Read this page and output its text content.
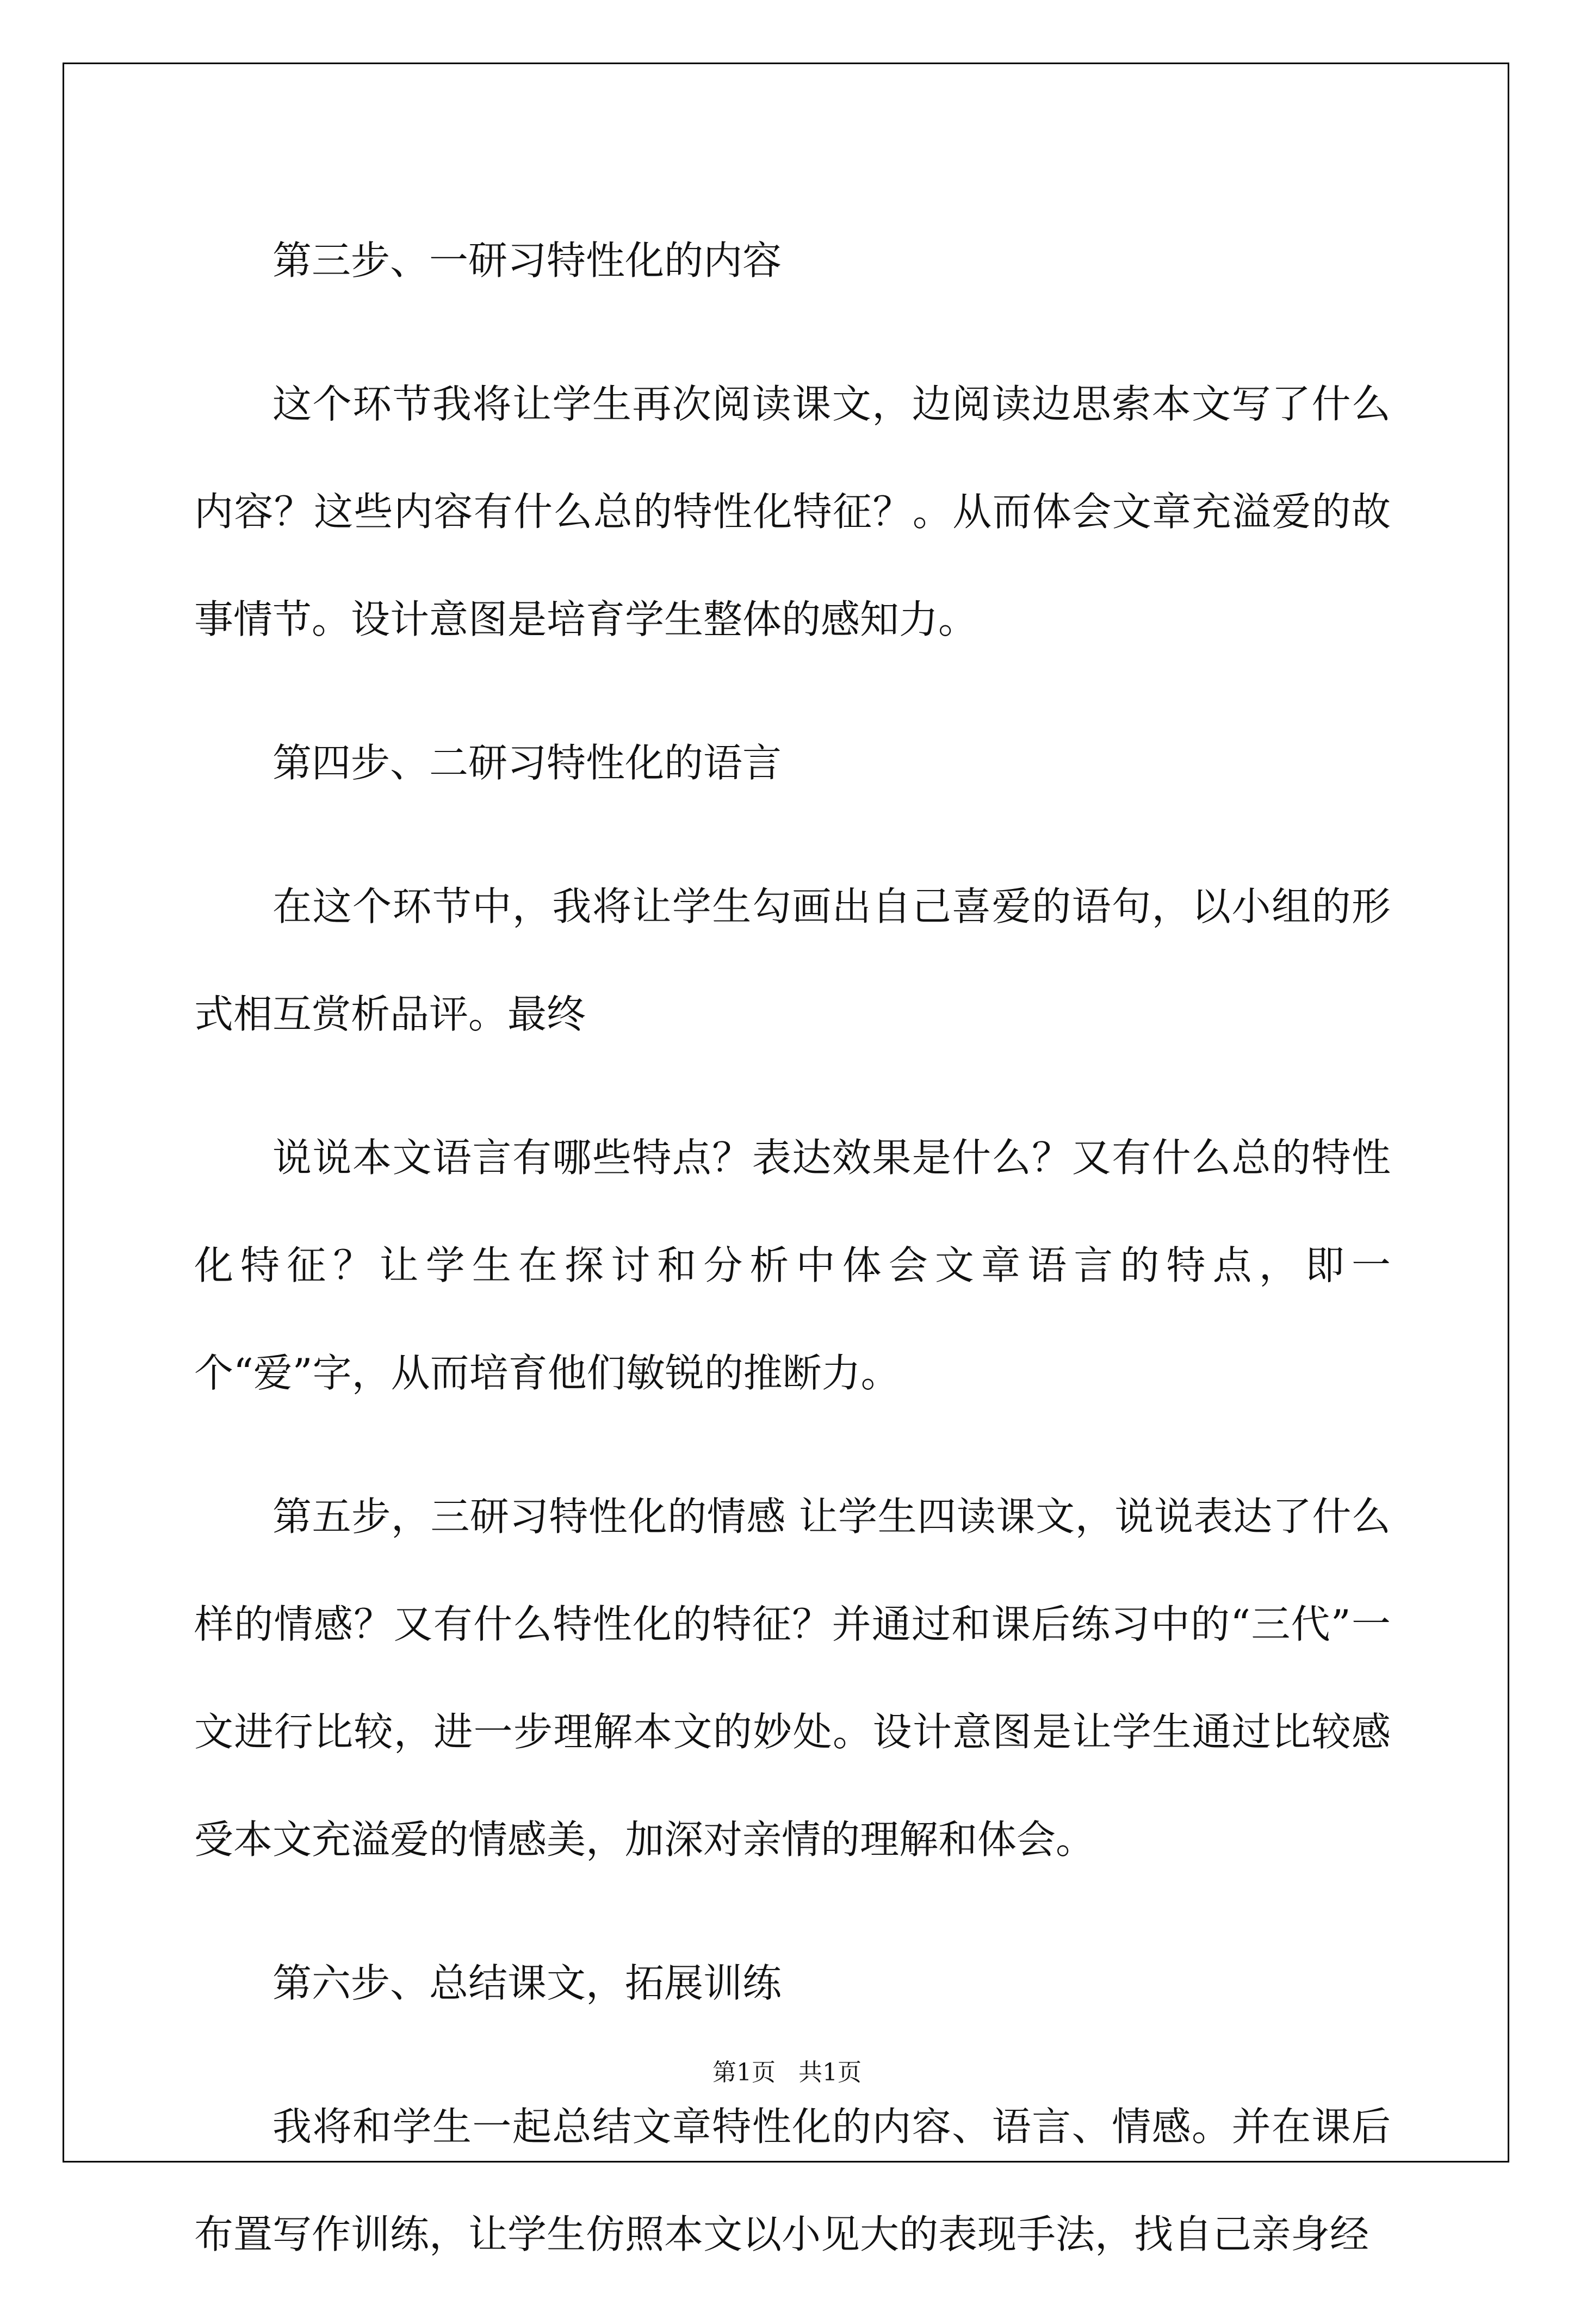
第三步、一研习特性化的内容
这个环节我将让学生再次阅读课文，边阅读边思索本文写了什么内容？这些内容有什么总的特性化特征？。从而体会文章充溢爱的故事情节。设计意图是培育学生整体的感知力。
第四步、二研习特性化的语言
在这个环节中，我将让学生勾画出自己喜爱的语句，以小组的形式相互赏析品评。最终
说说本文语言有哪些特点？表达效果是什么？又有什么总的特性化特征？让学生在探讨和分析中体会文章语言的特点，即一个“爱”字，从而培育他们敏锐的推断力。
第五步，三研习特性化的情感 让学生四读课文，说说表达了什么样的情感？又有什么特性化的特征？并通过和课后练习中的“三代”一文进行比较，进一步理解本文的妙处。设计意图是让学生通过比较感受本文充溢爱的情感美，加深对亲情的理解和体会。
第六步、总结课文，拓展训练
我将和学生一起总结文章特性化的内容、语言、情感。并在课后布置写作训练，让学生仿照本文以小见大的表现手法，找自己亲身经
第1页   共1页
